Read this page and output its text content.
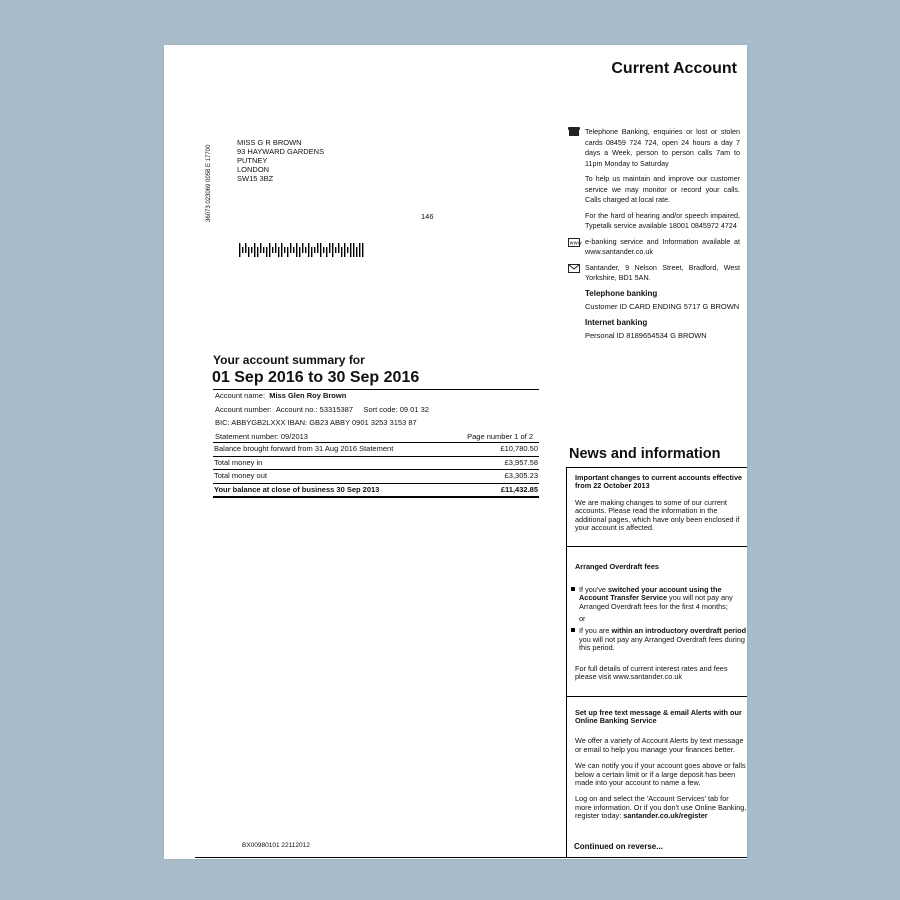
Current Account
36073 023069 0058 E 17700
MISS G R BROWN
93 HAYWARD GARDENS
PUTNEY
LONDON
SW15 3BZ
146

Telephone Banking, enquiries or lost or stolen cards 08459 724 724, open 24 hours a day 7 days a Week, person to person calls 7am to 11pm Monday to Saturday

To help us maintain and improve our customer service we may monitor or record your calls. Calls charged at local rate.

For the hard of hearing and/or speech impaired, Typetalk service available 18001 0845972 4724

www e-banking service and Information available at www.santander.co.uk

Santander, 9 Nelson Street, Bradford, West Yorkshire, BD1 5AN.

Telephone banking
Customer ID CARD ENDING 5717 G BROWN
Internet banking
Personal ID 8189654534 G BROWN
Your account summary for
01 Sep 2016 to 30 Sep 2016
Account name: Miss Glen Roy Brown
Account number: Account no.: 53315387 Sort code: 09 01 32
BIC: ABBYGB2LXXX IBAN: GB23 ABBY 0901 3253 3153 87
Statement number: 09/2013	Page number 1 of 2
Balance brought forward from 31 Aug 2016 Statement	£10,780.50
Total money in	£3,957.58
Total money out	£3,305.23
Your balance at close of business 30 Sep 2013	£11,432.85
News and information

Important changes to current accounts effective from 22 October 2013

We are making changes to some of our current accounts. Please read the information in the additional pages, which have only been enclosed if your account is affected.

Arranged Overdraft fees

If you've switched your account using the Account Transfer Service you will not pay any Arranged Overdraft fees for the first 4 months;
or
If you are within an introductory overdraft period you will not pay any Arranged Overdraft fees during this period.

For full details of current interest rates and fees please visit www.santander.co.uk

Set up free text message & email Alerts with our Online Banking Service

We offer a variety of Account Alerts by text message or email to help you manage your finances better.

We can notify you if your account goes above or falls below a certain limit or if a large deposit has been made into your account to name a few.

Log on and select the 'Account Services' tab for more information. Or if you don't use Online Banking, register today: santander.co.uk/register

BX00980101 22112012	Continued on reverse...
